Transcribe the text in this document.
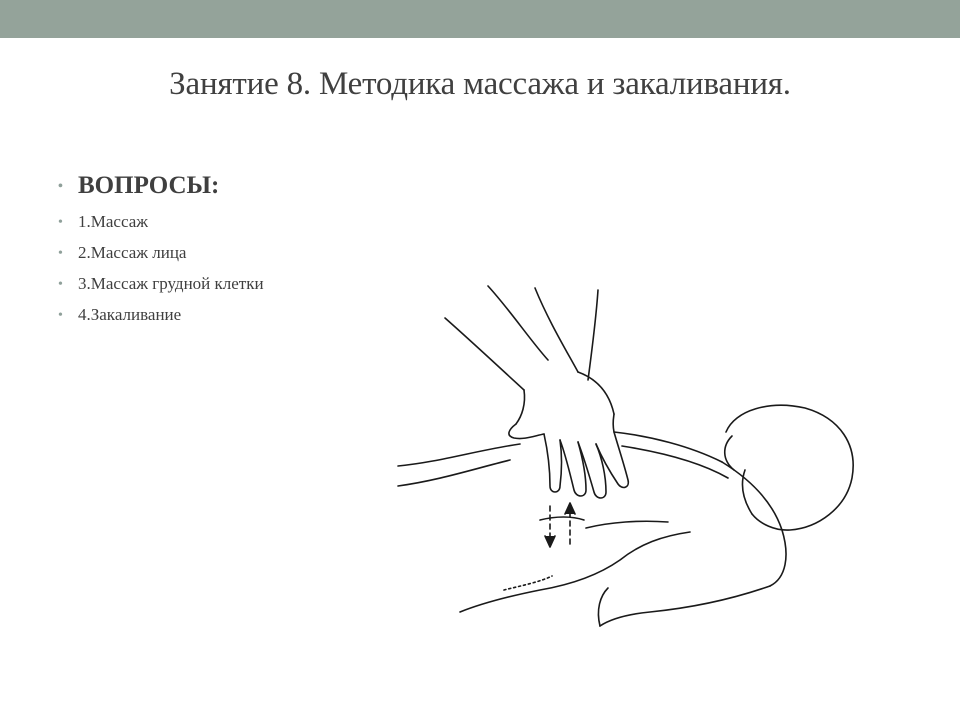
Занятие 8. Методика массажа и закаливания.
• ВОПРОСЫ:
• 1.Массаж
• 2.Массаж лица
• 3.Массаж грудной клетки
• 4.Закаливание
